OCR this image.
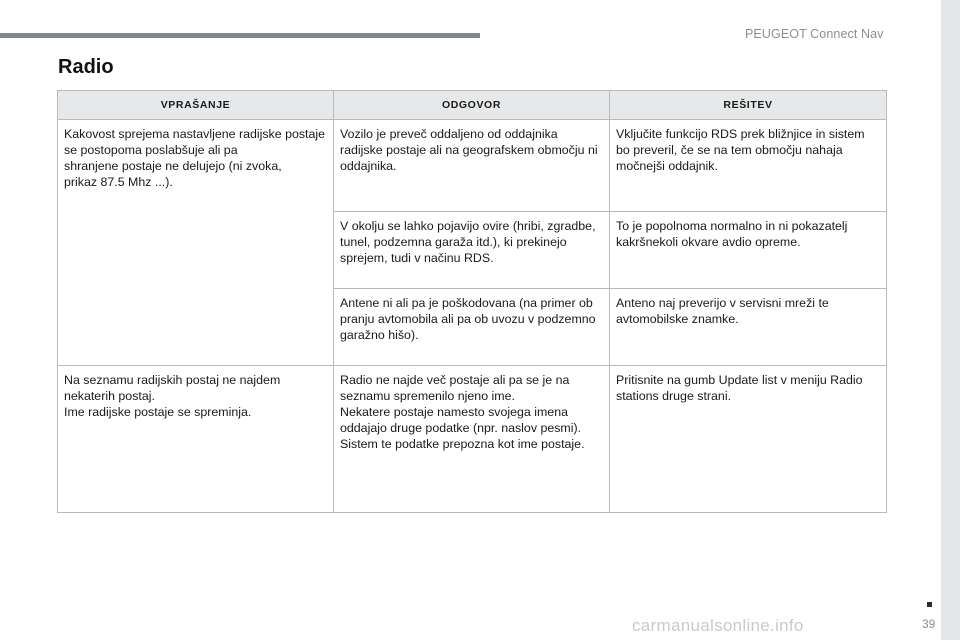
PEUGEOT Connect Nav
Radio
VPRAŠANJE	ODGOVOR	REŠITEV
Kakovost sprejema nastavljene radijske postaje se postopoma poslabšuje ali pa
shranjene postaje ne delujejo (ni zvoka,
prikaz 87.5 Mhz ...).	Vozilo je preveč oddaljeno od oddajnika radijske postaje ali na geografskem območju ni oddajnika.	Vključite funkcijo RDS prek bližnjice in sistem bo preveril, če se na tem območju nahaja močnejši oddajnik.
	V okolju se lahko pojavijo ovire (hribi, zgradbe, tunel, podzemna garaža itd.), ki prekinejo sprejem, tudi v načinu RDS.	To je popolnoma normalno in ni pokazatelj kakršnekoli okvare avdio opreme.
	Antene ni ali pa je poškodovana (na primer ob pranju avtomobila ali pa ob uvozu v podzemno garažno hišo).	Anteno naj preverijo v servisni mreži te avtomobilske znamke.
Na seznamu radijskih postaj ne najdem nekaterih postaj.
Ime radijske postaje se spreminja.	Radio ne najde več postaje ali pa se je na seznamu spremenilo njeno ime.
Nekatere postaje namesto svojega imena oddajajo druge podatke (npr. naslov pesmi).
Sistem te podatke prepozna kot ime postaje.	Pritisnite na gumb Update list v meniju Radio stations druge strani.
carmanualsonline.info	39
